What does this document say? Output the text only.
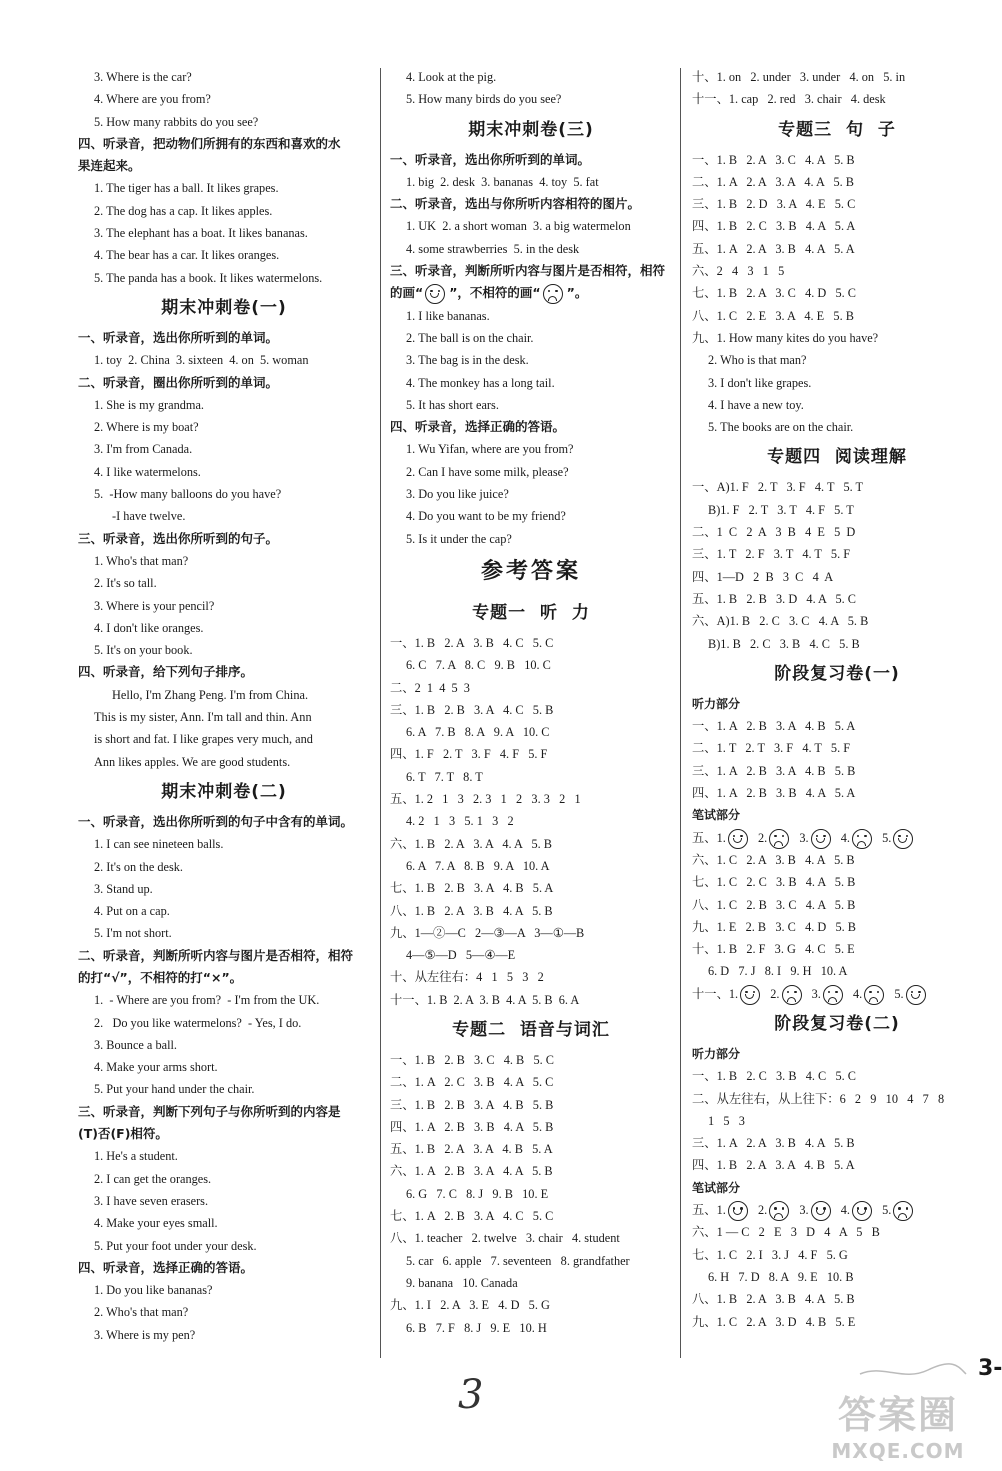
3. Where is the car?
4. Where are you from?
5. How many rabbits do you see?
四、听录音，把动物们所拥有的东西和喜欢的水
果连起来。
1. The tiger has a ball. It likes grapes.
2. The dog has a cap. It likes apples.
3. The elephant has a boat. It likes bananas.
4. The bear has a car. It likes oranges.
5. The panda has a book. It likes watermelons.
期末冲刺卷(一)
一、听录音，选出你所听到的单词。
1. toy  2. China  3. sixteen  4. on  5. woman
二、听录音，圈出你所听到的单词。
1. She is my grandma.
2. Where is my boat?
3. I'm from Canada.
4. I like watermelons.
5.  -How many balloons do you have?
-I have twelve.
三、听录音，选出你所听到的句子。
1. Who's that man?
2. It's so tall.
3. Where is your pencil?
4. I don't like oranges.
5. It's on your book.
四、听录音，给下列句子排序。
Hello, I'm Zhang Peng. I'm from China.
This is my sister, Ann. I'm tall and thin. Ann
is short and fat. I like grapes very much, and
Ann likes apples. We are good students.
期末冲刺卷(二)
一、听录音，选出你所听到的句子中含有的单词。
1. I can see nineteen balls.
2. It's on the desk.
3. Stand up.
4. Put on a cap.
5. I'm not short.
二、听录音，判断所听内容与图片是否相符，相符
的打“√”，不相符的打“×”。
1.  - Where are you from?  - I'm from the UK.
2.   Do you like watermelons?  - Yes, I do.
3. Bounce a ball.
4. Make your arms short.
5. Put your hand under the chair.
三、听录音，判断下列句子与你所听到的内容是
(T)否(F)相符。
1. He's a student.
2. I can get the oranges.
3. I have seven erasers.
4. Make your eyes small.
5. Put your foot under your desk.
四、听录音，选择正确的答语。
1. Do you like bananas?
2. Who's that man?
3. Where is my pen?
4. Look at the pig.
5. How many birds do you see?
期末冲刺卷(三)
一、听录音，选出你所听到的单词。
1. big  2. desk  3. bananas  4. toy  5. fat
二、听录音，选出与你所听内容相符的图片。
1. UK  2. a short woman  3. a big watermelon
4. some strawberries  5. in the desk
三、听录音，判断所听内容与图片是否相符，相符
的画“ ”，不相符的画“ ”。
1. I like bananas.
2. The ball is on the chair.
3. The bag is in the desk.
4. The monkey has a long tail.
5. It has short ears.
四、听录音，选择正确的答语。
1. Wu Yifan, where are you from?
2. Can I have some milk, please?
3. Do you like juice?
4. Do you want to be my friend?
5. Is it under the cap?
参考答案
专题一  听  力
一、1. B   2. A   3. B   4. C   5. C
6. C   7. A   8. C   9. B   10. C
二、2  1  4  5  3
三、1. B   2. B   3. A   4. C   5. B
6. A   7. B   8. A   9. A   10. C
四、1. F   2. T   3. F   4. F   5. F
6. T   7. T   8. T
五、1. 2   1   3   2. 3   1   2   3. 3   2   1
4. 2   1   3   5. 1   3   2
六、1. B   2. A   3. A   4. A   5. B
6. A   7. A   8. B   9. A   10. A
七、1. B   2. B   3. A   4. B   5. A
八、1. B   2. A   3. B   4. A   5. B
九、1—②—C   2—③—A   3—①—B
4—⑤—D   5—④—E
十、从左往右：4   1   5   3   2
十一、1. B  2. A  3. B  4. A  5. B  6. A
专题二  语音与词汇
一、1. B   2. B   3. C   4. B   5. C
二、1. A   2. C   3. B   4. A   5. C
三、1. B   2. B   3. A   4. B   5. B
四、1. A   2. B   3. B   4. A   5. B
五、1. B   2. A   3. A   4. B   5. A
六、1. A   2. B   3. A   4. A   5. B
6. G   7. C   8. J   9. B   10. E
七、1. A   2. B   3. A   4. C   5. C
八、1. teacher   2. twelve   3. chair   4. student
5. car   6. apple   7. seventeen   8. grandfather
9. banana   10. Canada
九、1. I   2. A   3. E   4. D   5. G
6. B   7. F   8. J   9. E   10. H
十、1. on   2. under   3. under   4. on   5. in
十一、1. cap   2. red   3. chair   4. desk
专题三  句  子
一、1. B   2. A   3. C   4. A   5. B
二、1. A   2. A   3. A   4. A   5. B
三、1. B   2. D   3. A   4. E   5. C
四、1. B   2. C   3. B   4. A   5. A
五、1. A   2. A   3. B   4. A   5. A
六、2   4   3   1   5
七、1. B   2. A   3. C   4. D   5. C
八、1. C   2. E   3. A   4. E   5. B
九、1. How many kites do you have?
2. Who is that man?
3. I don't like grapes.
4. I have a new toy.
5. The books are on the chair.
专题四  阅读理解
一、A)1. F   2. T   3. F   4. T   5. T
B)1. F   2. T   3. T   4. F   5. T
二、1  C   2  A   3  B   4  E   5  D
三、1. T   2. F   3. T   4. T   5. F
四、1—D   2  B   3  C   4  A
五、1. B   2. B   3. D   4. A   5. C
六、A)1. B   2. C   3. C   4. A   5. B
B)1. B   2. C   3. B   4. C   5. B
阶段复习卷(一)
听力部分
一、1. A   2. B   3. A   4. B   5. A
二、1. T   2. T   3. F   4. T   5. F
三、1. A   2. B   3. A   4. B   5. B
四、1. A   2. B   3. B   4. A   5. A
笔试部分
五、1.
2.
3.
4.
5.
六、1. C   2. A   3. B   4. A   5. B
七、1. C   2. C   3. B   4. A   5. B
八、1. C   2. B   3. C   4. A   5. B
九、1. E   2. B   3. C   4. D   5. B
十、1. B   2. F   3. G   4. C   5. E
6. D   7. J   8. I   9. H   10. A
十一、1.
2.
3.
4.
5.
阶段复习卷(二)
听力部分
一、1. B   2. C   3. B   4. C   5. C
二、从左往右，从上往下：6   2   9   10   4   7   8
1   5   3
三、1. A   2. A   3. B   4. A   5. B
四、1. B   2. A   3. A   4. B   5. A
笔试部分
五、1.
2.
3.
4.
5.
六、1 — C   2   E   3   D   4   A   5   B
七、1. C   2. I   3. J   4. F   5. G
6. H   7. D   8. A   9. E   10. B
八、1. B   2. A   3. B   4. A   5. B
九、1. C   2. A   3. D   4. B   5. E
3
3-
答案圈
MXQE.COM
